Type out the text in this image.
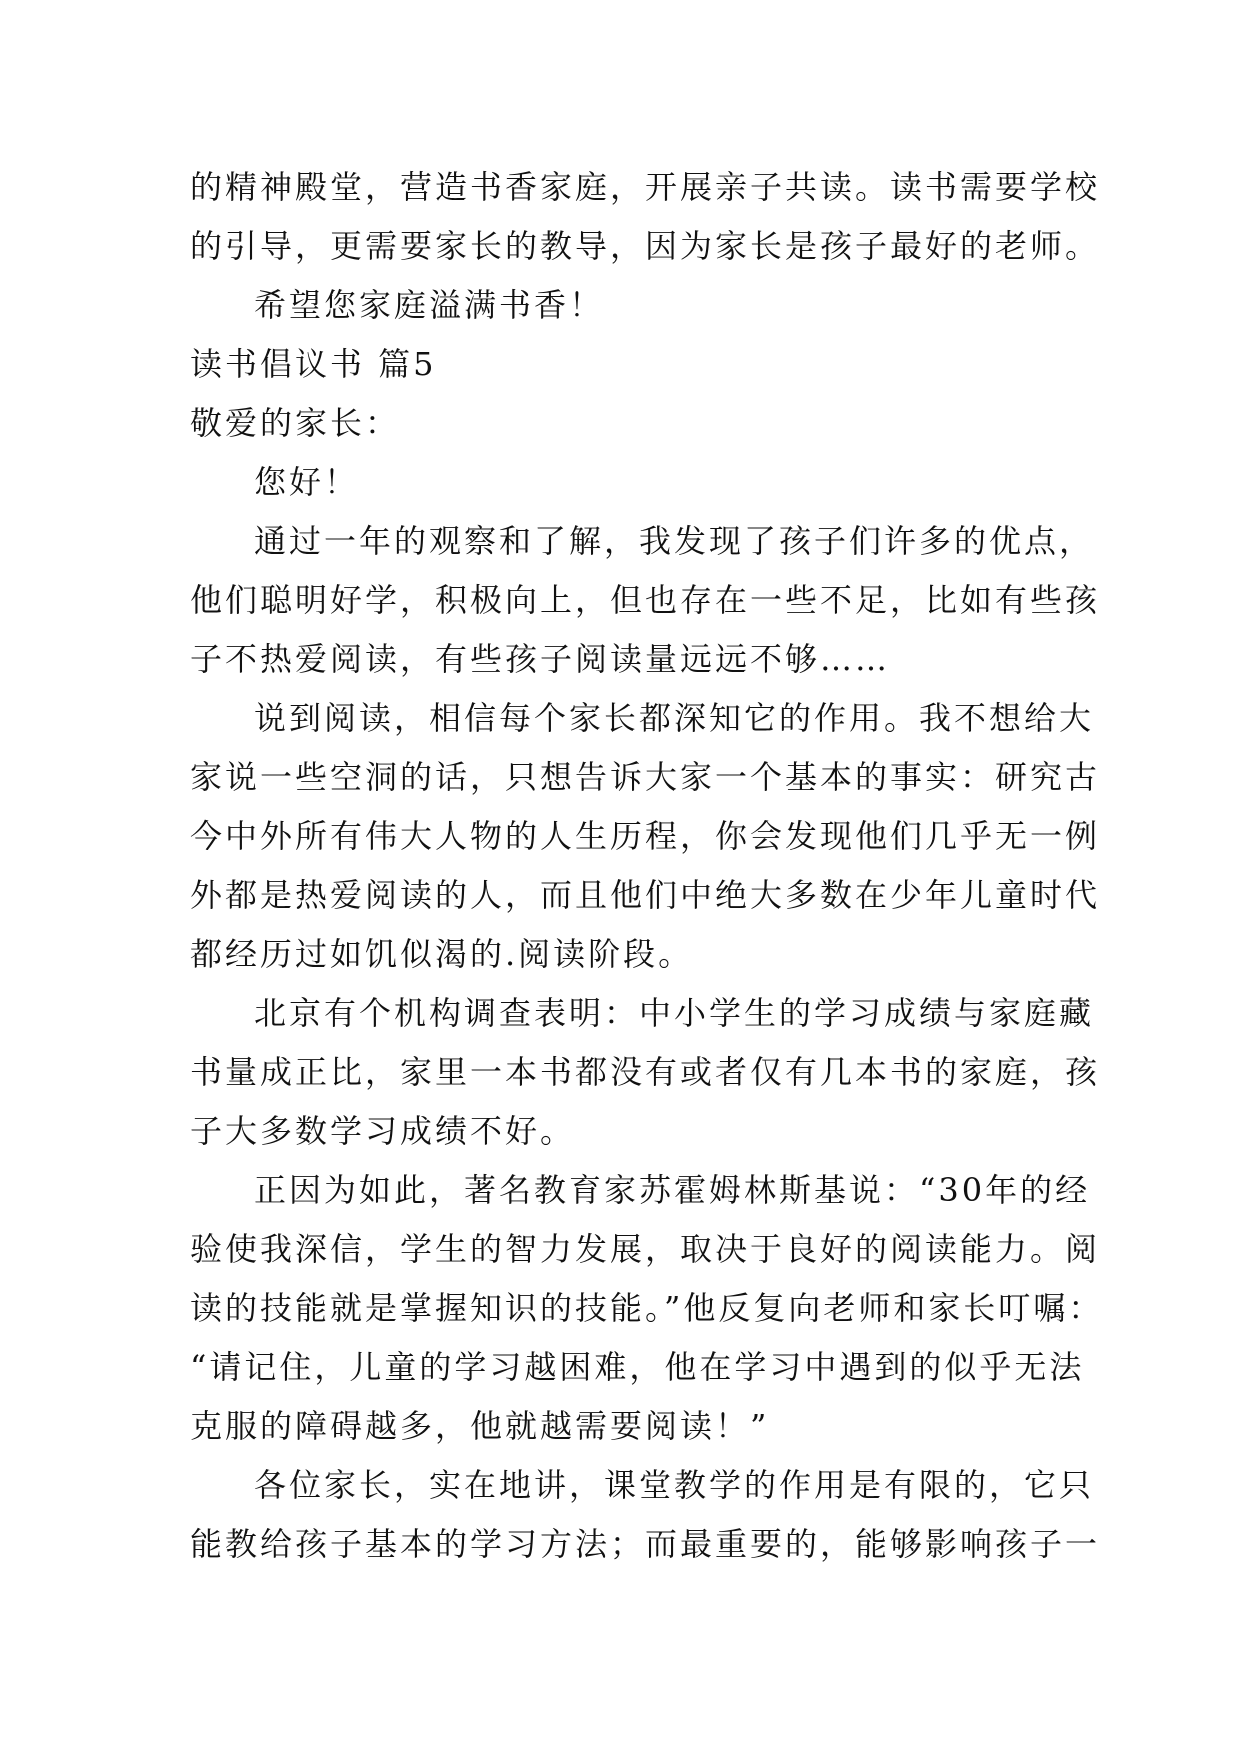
的精神殿堂，营造书香家庭，开展亲子共读。读书需要学校
的引导，更需要家长的教导，因为家长是孩子最好的老师。
希望您家庭溢满书香！
读书倡议书 篇5
敬爱的家长：
您好！
通过一年的观察和了解，我发现了孩子们许多的优点，
他们聪明好学，积极向上，但也存在一些不足，比如有些孩
子不热爱阅读，有些孩子阅读量远远不够……
说到阅读，相信每个家长都深知它的作用。我不想给大
家说一些空洞的话，只想告诉大家一个基本的事实：研究古
今中外所有伟大人物的人生历程，你会发现他们几乎无一例
外都是热爱阅读的人，而且他们中绝大多数在少年儿童时代
都经历过如饥似渴的.阅读阶段。
北京有个机构调查表明：中小学生的学习成绩与家庭藏
书量成正比，家里一本书都没有或者仅有几本书的家庭，孩
子大多数学习成绩不好。
正因为如此，著名教育家苏霍姆林斯基说：“30年的经
验使我深信，学生的智力发展，取决于良好的阅读能力。阅
读的技能就是掌握知识的技能。”他反复向老师和家长叮嘱：
“请记住，儿童的学习越困难，他在学习中遇到的似乎无法
克服的障碍越多，他就越需要阅读！”
各位家长，实在地讲，课堂教学的作用是有限的，它只
能教给孩子基本的学习方法；而最重要的，能够影响孩子一
